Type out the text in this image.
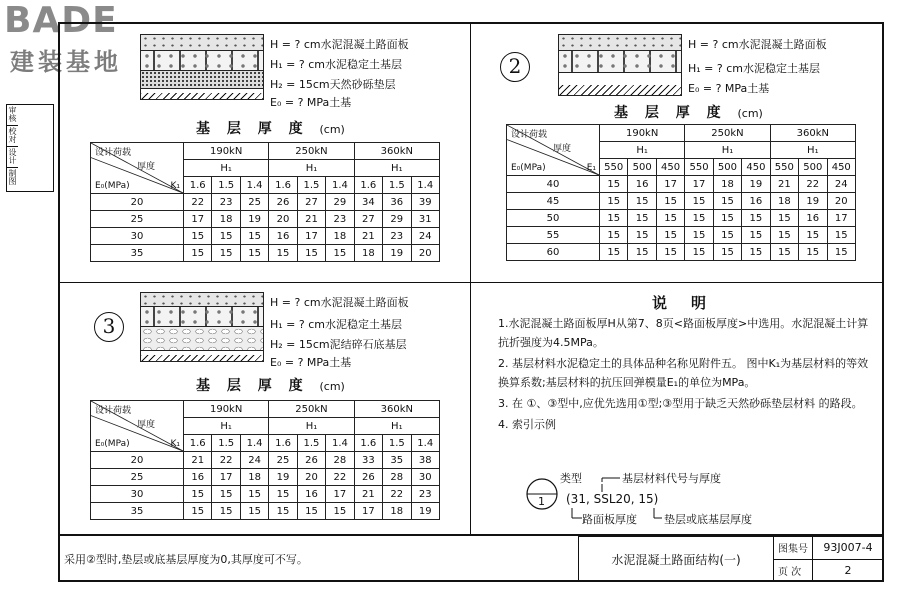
BADE
建装基地
审核
校对
设计
制图
H = ? cm水泥混凝土路面板
H₁ = ? cm水泥稳定土基层
H₂ = 15cm天然砂砾垫层
E₀ = ? MPa土基
基 层 厚 度 (cm)
设计荷载
厚度
E₀(MPa) K₁	190kN			250kN			360kN		
	H₁			H₁			H₁		
	1.6	1.5	1.4	1.6	1.5	1.4	1.6	1.5	1.4
20	22	23	25	26	27	29	34	36	39
25	17	18	19	20	21	23	27	29	31
30	15	15	15	16	17	18	21	23	24
35	15	15	15	15	15	15	18	19	20
2
H = ? cm水泥混凝土路面板
H₁ = ? cm水泥稳定土基层
E₀ = ? MPa土基
基 层 厚 度 (cm)
设计荷载
厚度
E₀(MPa) E₁	190kN			250kN			360kN		
	H₁			H₁			H₁		
	550	500	450	550	500	450	550	500	450
40	15	16	17	17	18	19	21	22	24
45	15	15	15	15	15	16	18	19	20
50	15	15	15	15	15	15	15	16	17
55	15	15	15	15	15	15	15	15	15
60	15	15	15	15	15	15	15	15	15
3
H = ? cm水泥混凝土路面板
H₁ = ? cm水泥稳定土基层
H₂ = 15cm泥结碎石底基层
E₀ = ? MPa土基
基 层 厚 度 (cm)
设计荷载
厚度
E₀(MPa) K₁	190kN			250kN			360kN		
	H₁			H₁			H₁		
	1.6	1.5	1.4	1.6	1.5	1.4	1.6	1.5	1.4
20	21	22	24	25	26	28	33	35	38
25	16	17	18	19	20	22	26	28	30
30	15	15	15	15	16	17	21	22	23
35	15	15	15	15	15	15	17	18	19
说明
1.水泥混凝土路面板厚H从第7、8页<路面板厚度>中选用。水泥混凝土计算抗折强度为4.5MPa。
2. 基层材料水泥稳定土的具体品种名称见附件五。 图中K₁为基层材料的等效换算系数;基层材料的抗压回弹模量E₁的单位为MPa。
3. 在 ①、③型中,应优先选用①型;③型用于缺乏天然砂砾垫层材料 的路段。
4. 索引示例
1
类型	基层材料代号与厚度
(31, SSL20, 15)
路面板厚度 垫层或底基层厚度
采用②型时,垫层或底基层厚度为0,其厚度可不写。	水泥混凝土路面结构(一)	图集号	93J007-4
	页 次	2
